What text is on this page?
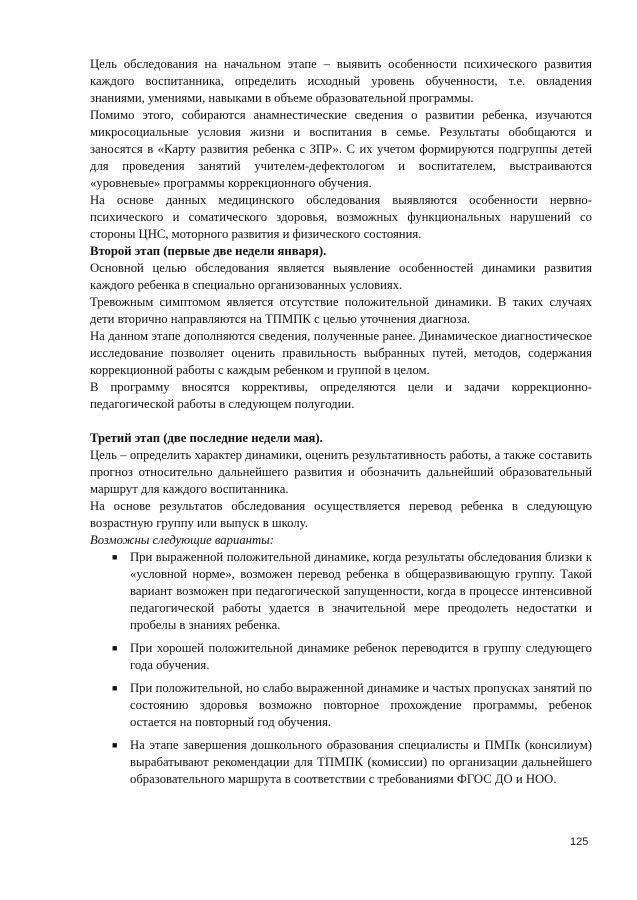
Цель обследования на начальном этапе – выявить особенности психического развития каждого воспитанника, определить исходный уровень обученности, т.е. овладения знаниями, умениями, навыками в объеме образовательной программы.

Помимо этого, собираются анамнестические сведения о развитии ребенка, изучаются микросоциальные условия жизни и воспитания в семье. Результаты обобщаются и заносятся в «Карту развития ребенка с ЗПР». С их учетом формируются подгруппы детей для проведения занятий учителем-дефектологом и воспитателем, выстраиваются «уровневые» программы коррекционного обучения.

На основе данных медицинского обследования выявляются особенности нервно-психического и соматического здоровья, возможных функциональных нарушений со стороны ЦНС, моторного развития и физического состояния.

Второй этап (первые две недели января).

Основной целью обследования является выявление особенностей динамики развития каждого ребенка в специально организованных условиях.

Тревожным симптомом является отсутствие положительной динамики. В таких случаях дети вторично направляются на ТПМПК с целью уточнения диагноза.

На данном этапе дополняются сведения, полученные ранее. Динамическое диагностическое исследование позволяет оценить правильность выбранных путей, методов, содержания коррекционной работы с каждым ребенком и группой в целом.

В программу вносятся коррективы, определяются цели и задачи коррекционно-педагогической работы в следующем полугодии.

Третий этап (две последние недели мая).

Цель – определить характер динамики, оценить результативность работы, а также составить прогноз относительно дальнейшего развития и обозначить дальнейший образовательный маршрут для каждого воспитанника.

На основе результатов обследования осуществляется перевод ребенка в следующую возрастную группу или выпуск в школу.

Возможны следующие варианты:

■ При выраженной положительной динамике, когда результаты обследования близки к «условной норме», возможен перевод ребенка в общеразвивающую группу. Такой вариант возможен при педагогической запущенности, когда в процессе интенсивной педагогической работы удается в значительной мере преодолеть недостатки и пробелы в знаниях ребенка.
■ При хорошей положительной динамике ребенок переводится в группу следующего года обучения.
■ При положительной, но слабо выраженной динамике и частых пропусках занятий по состоянию здоровья возможно повторное прохождение программы, ребенок остается на повторный год обучения.
■ На этапе завершения дошкольного образования специалисты и ПМПк (консилиум) вырабатывают рекомендации для ТПМПК (комиссии) по организации дальнейшего образовательного маршрута в соответствии с требованиями ФГОС ДО и НОО.
125
